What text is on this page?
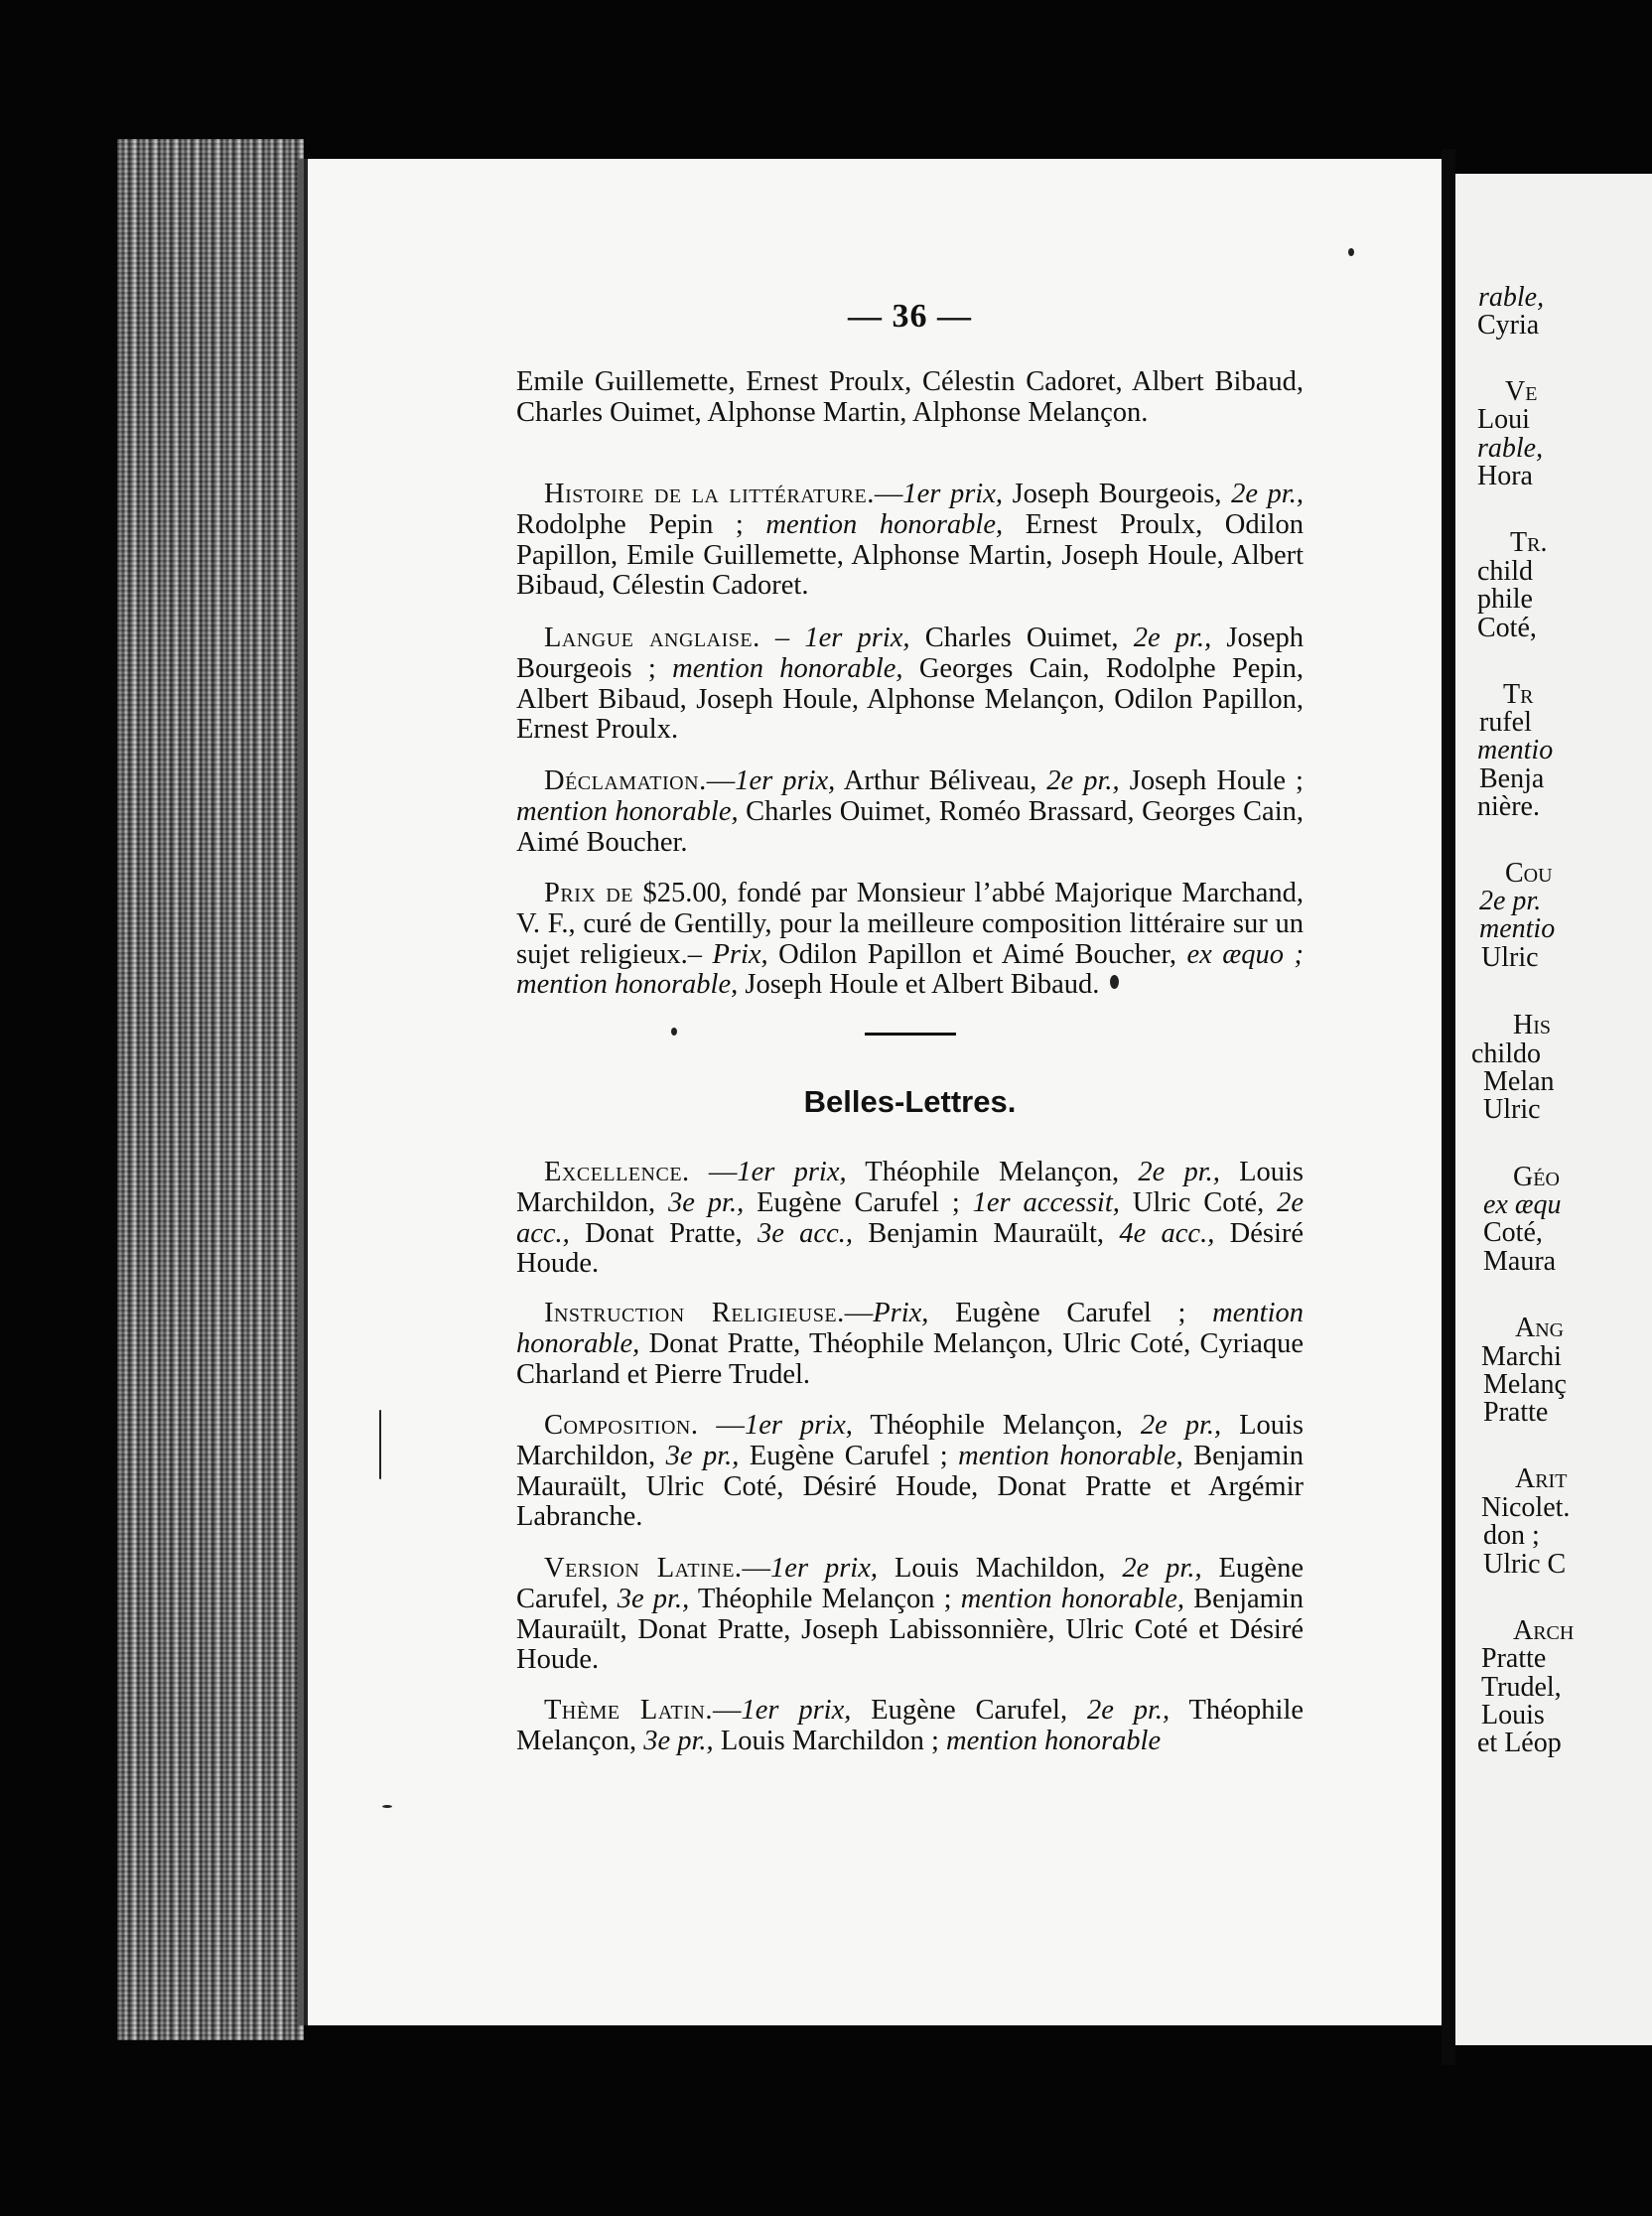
rable,
Cyria
Ve
Loui
rable,
Hora
Tr.
child
phile
Coté,
Tr
rufel
mentio
Benja
nière.
Cou
2e pr.
mentio
Ulric
His
childo
Melan
Ulric
Géo
ex æqu
Coté,
Maura
Ang
Marchi
Melanç
Pratte
Arit
Nicolet.
don ;
Ulric C
Arch
Pratte
Trudel,
Louis
et Léop
— 36 —
Emile Guillemette, Ernest Proulx, Célestin Cadoret, Albert Bibaud, Charles Ouimet, Alphonse Martin, Alphonse Melançon.
Histoire de la littérature.—1er prix, Joseph Bourgeois, 2e pr., Rodolphe Pepin ; mention honorable, Ernest Proulx, Odilon Papillon, Emile Guillemette, Alphonse Martin, Joseph Houle, Albert Bibaud, Célestin Cadoret.
Langue anglaise. – 1er prix, Charles Ouimet, 2e pr., Joseph Bourgeois ; mention honorable, Georges Cain, Rodolphe Pepin, Albert Bibaud, Joseph Houle, Alphonse Melançon, Odilon Papillon, Ernest Proulx.
Déclamation.—1er prix, Arthur Béliveau, 2e pr., Joseph Houle ; mention honorable, Charles Ouimet, Roméo Brassard, Georges Cain, Aimé Boucher.
Prix de $25.00, fondé par Monsieur l’abbé Majorique Marchand, V. F., curé de Gentilly, pour la meilleure composition littéraire sur un sujet religieux.– Prix, Odilon Papillon et Aimé Boucher, ex æquo ; mention honorable, Joseph Houle et Albert Bibaud.
Belles-Lettres.
Excellence. —1er prix, Théophile Melançon, 2e pr., Louis Marchildon, 3e pr., Eugène Carufel ; 1er accessit, Ulric Coté, 2e acc., Donat Pratte, 3e acc., Benjamin Mauraült, 4e acc., Désiré Houde.
Instruction Religieuse.—Prix, Eugène Carufel ; mention honorable, Donat Pratte, Théophile Melançon, Ulric Coté, Cyriaque Charland et Pierre Trudel.
Composition. —1er prix, Théophile Melançon, 2e pr., Louis Marchildon, 3e pr., Eugène Carufel ; mention honorable, Benjamin Mauraült, Ulric Coté, Désiré Houde, Donat Pratte et Argémir Labranche.
Version Latine.—1er prix, Louis Machildon, 2e pr., Eugène Carufel, 3e pr., Théophile Melançon ; mention honorable, Benjamin Mauraült, Donat Pratte, Joseph Labissonnière, Ulric Coté et Désiré Houde.
Thème Latin.—1er prix, Eugène Carufel, 2e pr., Théophile Melançon, 3e pr., Louis Marchildon ; mention honorable
